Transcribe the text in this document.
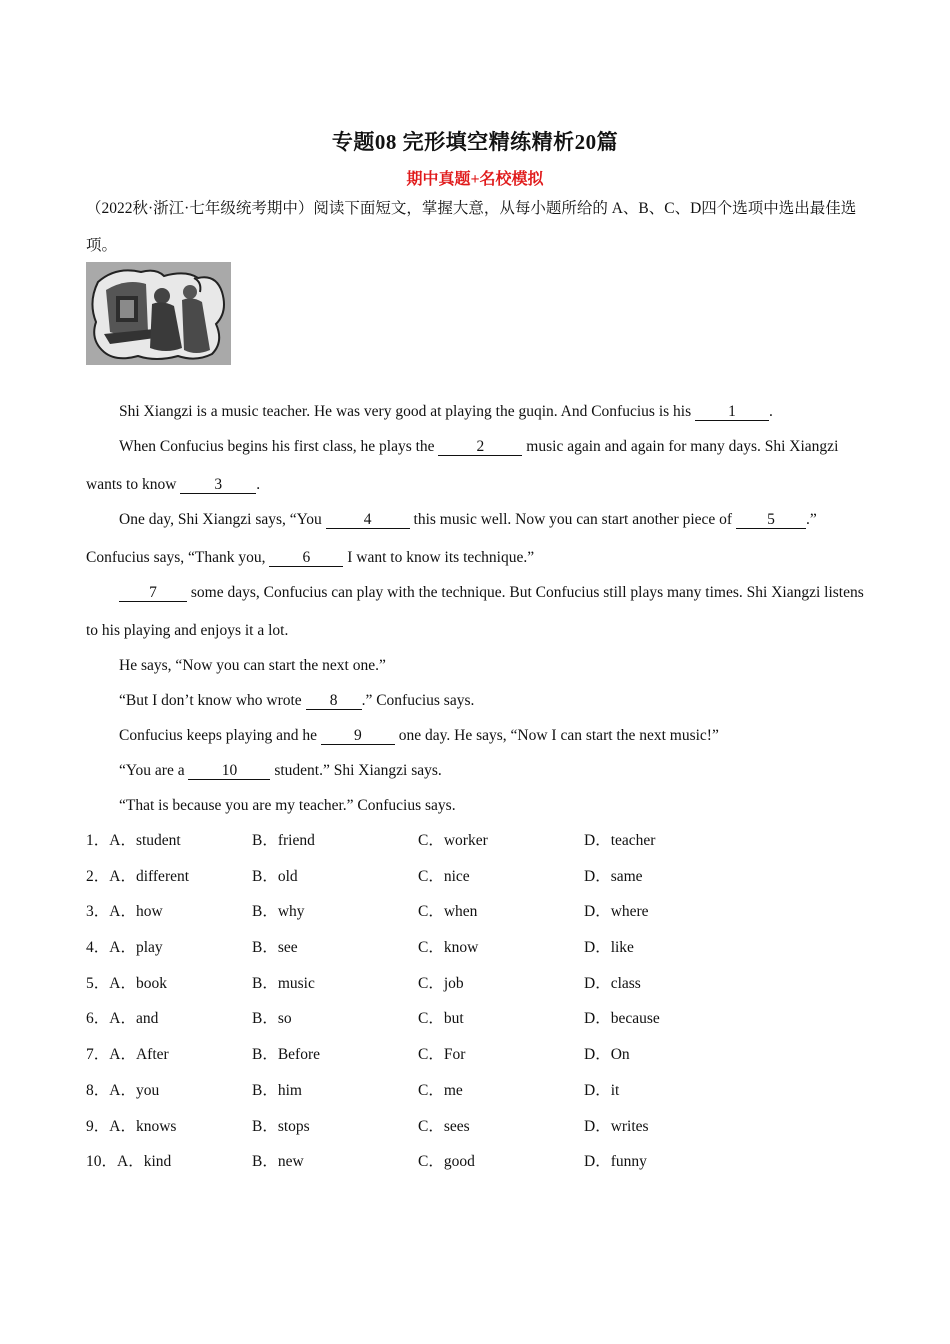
专题08 完形填空精练精析20篇
期中真题+名校模拟
（2022秋·浙江·七年级统考期中）阅读下面短文，掌握大意，从每小题所给的 A、B、C、D四个选项中选出最佳选项。
Shi Xiangzi is a music teacher. He was very good at playing the guqin. And Confucius is his 1 .
When Confucius begins his first class, he plays the 2 music again and again for many days. Shi Xiangzi wants to know 3 .
One day, Shi Xiangzi says, “You 4 this music well. Now you can start another piece of 5 .” Confucius says, “Thank you, 6 I want to know its technique.”
7 some days, Confucius can play with the technique. But Confucius still plays many times. Shi Xiangzi listens to his playing and enjoys it a lot.
He says, “Now you can start the next one.”
“But I don’t know who wrote 8 .” Confucius says.
Confucius keeps playing and he 9 one day. He says, “Now I can start the next music!”
“You are a 10 student.” Shi Xiangzi says.
“That is because you are my teacher.” Confucius says.
1．A．student	B．friend	C．worker	D．teacher
2．A．different	B．old	C．nice	D．same
3．A．how	B．why	C．when	D．where
4．A．play	B．see	C．know	D．like
5．A．book	B．music	C．job	D．class
6．A．and	B．so	C．but	D．because
7．A．After	B．Before	C．For	D．On
8．A．you	B．him	C．me	D．it
9．A．knows	B．stops	C．sees	D．writes
10．A．kind	B．new	C．good	D．funny
